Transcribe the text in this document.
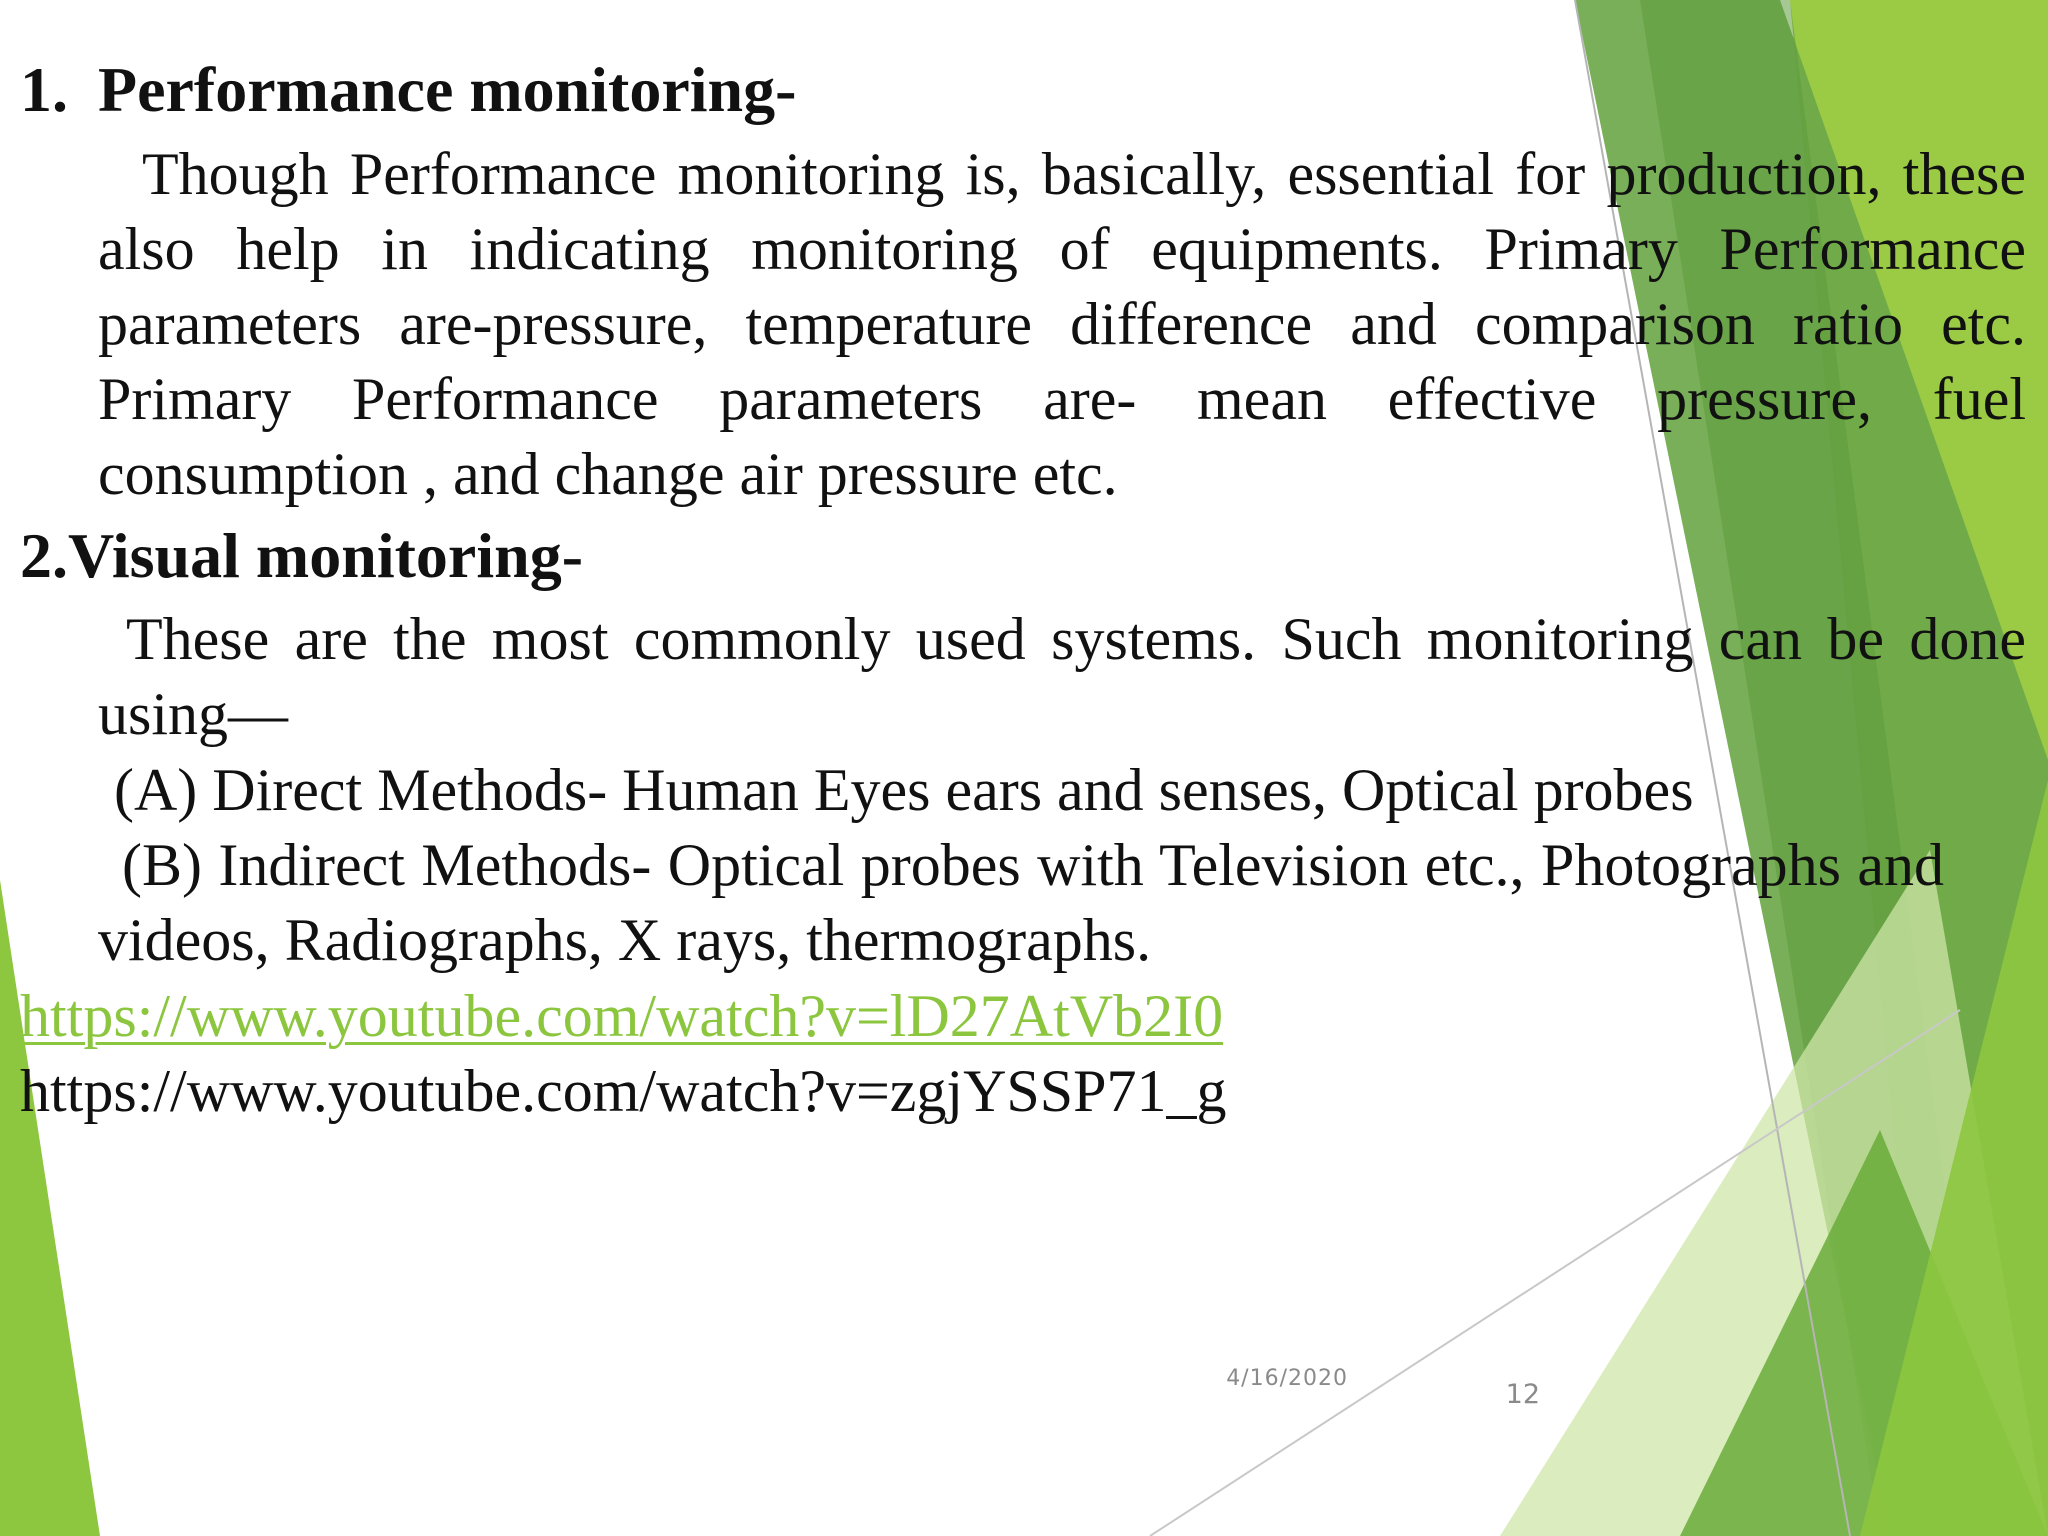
1. Performance monitoring-

Though Performance monitoring is, basically, essential for production, these also help in indicating monitoring of equipments. Primary Performance parameters are-pressure, temperature difference and comparison ratio etc. Primary Performance parameters are- mean effective pressure, fuel consumption , and change air pressure etc.

2.Visual monitoring-

These are the most commonly used systems. Such monitoring can be done using—

(A) Direct Methods- Human Eyes ears and senses, Optical probes

(B) Indirect Methods- Optical probes with Television etc., Photographs and videos, Radiographs, X rays, thermographs.

https://www.youtube.com/watch?v=lD27AtVb2I0

https://www.youtube.com/watch?v=zgjYSSP71_g

4/16/2020
12
